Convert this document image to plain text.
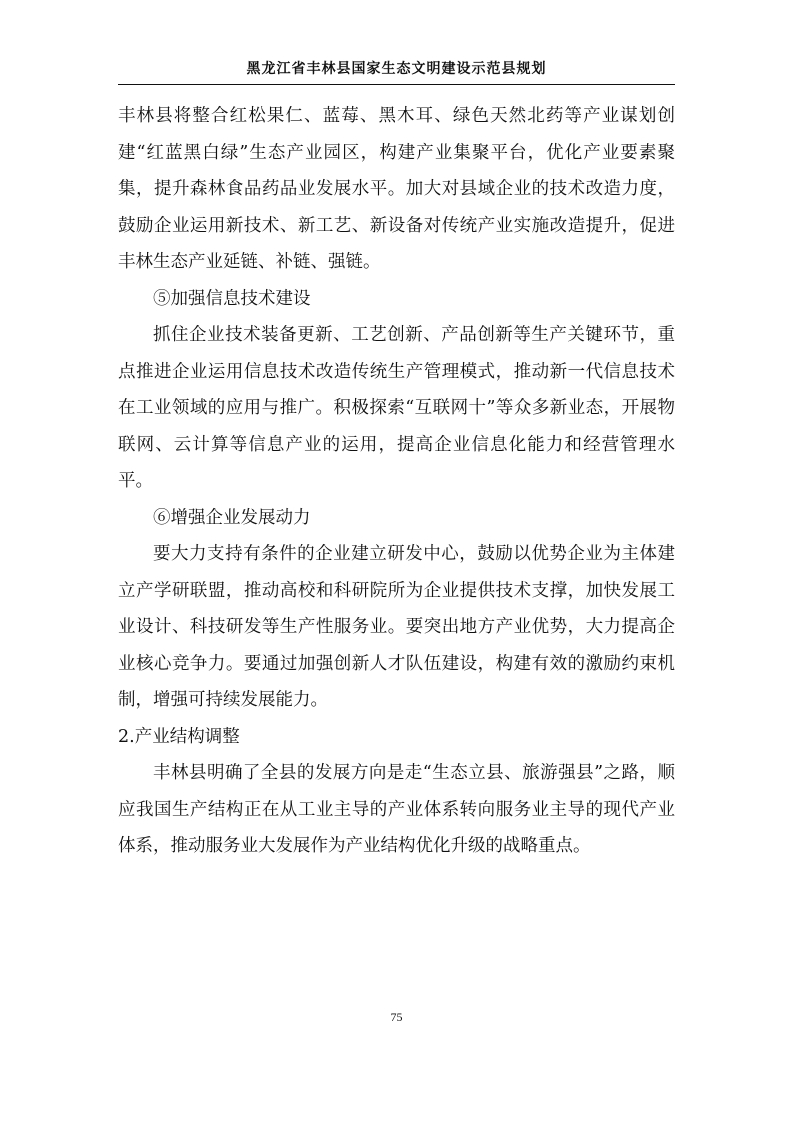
黑龙江省丰林县国家生态文明建设示范县规划

丰林县将整合红松果仁、蓝莓、黑木耳、绿色天然北药等产业谋划创建“红蓝黑白绿”生态产业园区，构建产业集聚平台，优化产业要素聚集，提升森林食品药品业发展水平。加大对县域企业的技术改造力度，鼓励企业运用新技术、新工艺、新设备对传统产业实施改造提升，促进丰林生态产业延链、补链、强链。

⑤加强信息技术建设

抓住企业技术装备更新、工艺创新、产品创新等生产关键环节，重点推进企业运用信息技术改造传统生产管理模式，推动新一代信息技术在工业领域的应用与推广。积极探索“互联网十”等众多新业态，开展物联网、云计算等信息产业的运用，提高企业信息化能力和经营管理水平。

⑥增强企业发展动力

要大力支持有条件的企业建立研发中心，鼓励以优势企业为主体建立产学研联盟，推动高校和科研院所为企业提供技术支撑，加快发展工业设计、科技研发等生产性服务业。要突出地方产业优势，大力提高企业核心竞争力。要通过加强创新人才队伍建设，构建有效的激励约束机制，增强可持续发展能力。

2.产业结构调整

丰林县明确了全县的发展方向是走“生态立县、旅游强县”之路，顺应我国生产结构正在从工业主导的产业体系转向服务业主导的现代产业体系，推动服务业大发展作为产业结构优化升级的战略重点。

75
